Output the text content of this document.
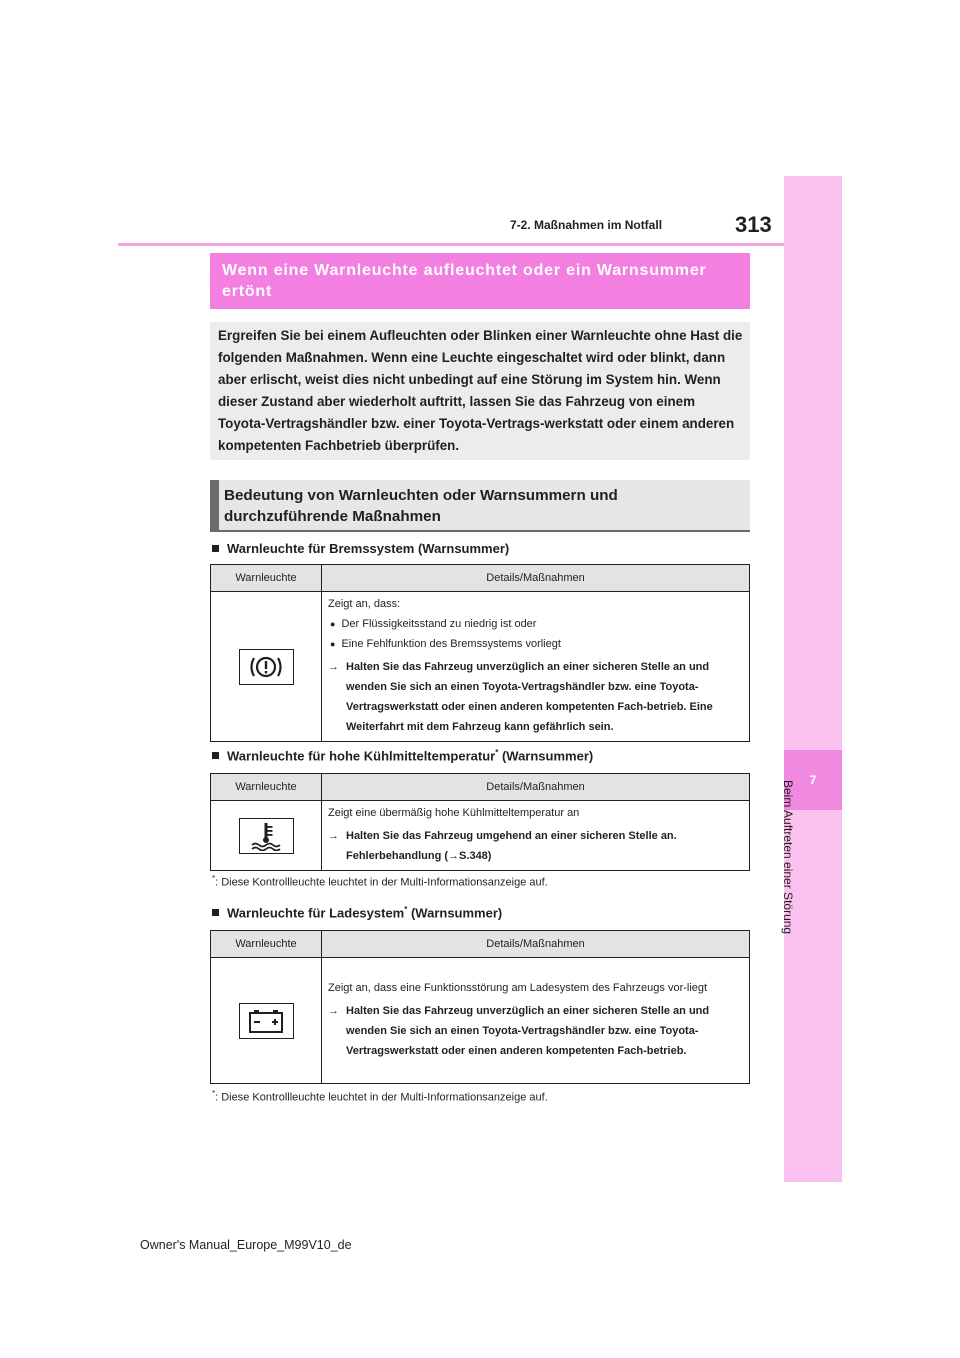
7-2. Maßnahmen im Notfall	313
7
Beim Auftreten einer Störung
Wenn eine Warnleuchte aufleuchtet oder ein Warnsummer ertönt
Ergreifen Sie bei einem Aufleuchten oder Blinken einer Warnleuchte ohne Hast die folgenden Maßnahmen. Wenn eine Leuchte eingeschaltet wird oder blinkt, dann aber erlischt, weist dies nicht unbedingt auf eine Störung im System hin. Wenn dieser Zustand aber wiederholt auftritt, lassen Sie das Fahrzeug von einem Toyota-Vertragshändler bzw. einer Toyota-Vertrags-werkstatt oder einem anderen kompetenten Fachbetrieb überprüfen.
Bedeutung von Warnleuchten oder Warnsummern und durchzuführende Maßnahmen
Warnleuchte für Bremssystem (Warnsummer)
Warnleuchte	Details/Maßnahmen

Zeigt an, dass:
● Der Flüssigkeitsstand zu niedrig ist oder
● Eine Fehlfunktion des Bremssystems vorliegt
→ Halten Sie das Fahrzeug unverzüglich an einer sicheren Stelle an und wenden Sie sich an einen Toyota-Vertragshändler bzw. eine Toyota-Vertragswerkstatt oder einen anderen kompetenten Fach-betrieb. Eine Weiterfahrt mit dem Fahrzeug kann gefährlich sein.
Warnleuchte für hohe Kühlmitteltemperatur* (Warnsummer)
Warnleuchte	Details/Maßnahmen

Zeigt eine übermäßig hohe Kühlmitteltemperatur an
→ Halten Sie das Fahrzeug umgehend an einer sicheren Stelle an. Fehlerbehandlung (→S.348)
*: Diese Kontrollleuchte leuchtet in der Multi-Informationsanzeige auf.
Warnleuchte für Ladesystem* (Warnsummer)
Warnleuchte	Details/Maßnahmen

Zeigt an, dass eine Funktionsstörung am Ladesystem des Fahrzeugs vor-liegt
→ Halten Sie das Fahrzeug unverzüglich an einer sicheren Stelle an und wenden Sie sich an einen Toyota-Vertragshändler bzw. eine Toyota-Vertragswerkstatt oder einen anderen kompetenten Fach-betrieb.
*: Diese Kontrollleuchte leuchtet in der Multi-Informationsanzeige auf.
Owner's Manual_Europe_M99V10_de
